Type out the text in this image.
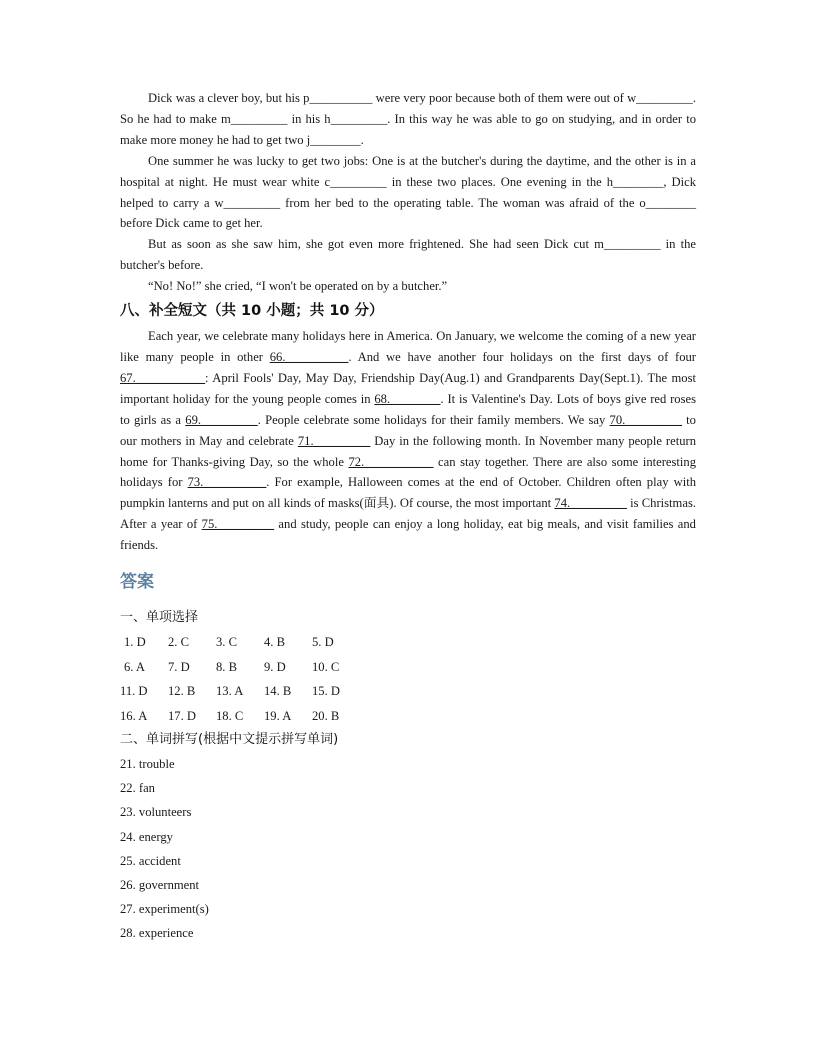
Dick was a clever boy, but his p__________ were very poor because both of them were out of w_________. So he had to make m_________ in his h_________. In this way he was able to go on studying, and in order to make more money he had to get two j________.

One summer he was lucky to get two jobs: One is at the butcher's during the daytime, and the other is in a hospital at night. He must wear white c_________ in these two places. One evening in the h________, Dick helped to carry a w_________ from her bed to the operating table. The woman was afraid of the o________ before Dick came to get her.

But as soon as she saw him, she got even more frightened. She had seen Dick cut m_________ in the butcher's before.

“No! No!” she cried, “I won't be operated on by a butcher.”

八、补全短文（共 10 小题；共 10 分）

Each year, we celebrate many holidays here in America. On January, we welcome the coming of a new year like many people in other 66.__________. And we have another four holidays on the first days of four 67.___________: April Fools' Day, May Day, Friendship Day(Aug.1) and Grandparents Day(Sept.1). The most important holiday for the young people comes in 68.________. It is Valentine's Day. Lots of boys give red roses to girls as a 69._________. People celebrate some holidays for their family members. We say 70._________ to our mothers in May and celebrate 71._________ Day in the following month. In November many people return home for Thanks-giving Day, so the whole 72.___________ can stay together. There are also some interesting holidays for 73.__________. For example, Halloween comes at the end of October. Children often play with pumpkin lanterns and put on all kinds of masks(面具). Of course, the most important 74._________ is Christmas. After a year of 75._________ and study, people can enjoy a long holiday, eat big meals, and visit families and friends.

答案
一、单项选择
1. D	2. C	3. C	4. B	5. D
6. A	7. D	8. B	9. D	10. C
11. D	12. B	13. A	14. B	15. D
16. A	17. D	18. C	19. A	20. B
二、单词拼写(根据中文提示拼写单词)

21. trouble

22. fan

23. volunteers

24. energy

25. accident

26. government

27. experiment(s)

28. experience
